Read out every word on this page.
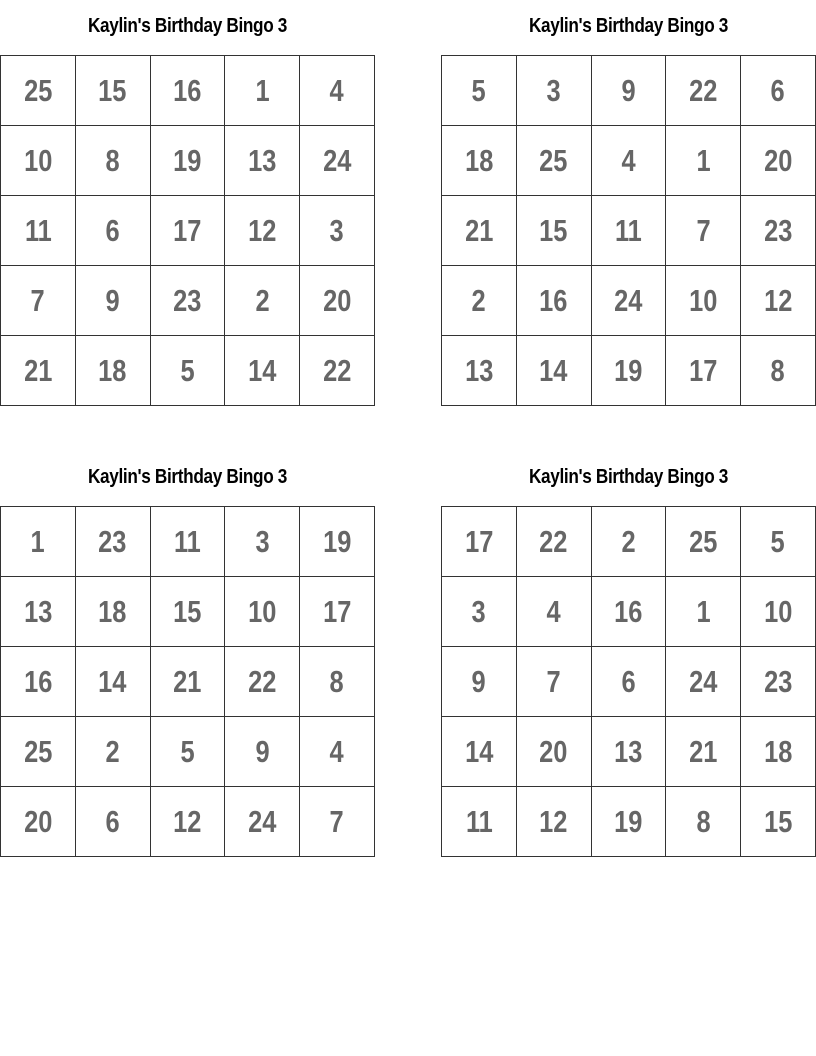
Kaylin's Birthday Bingo 3
25	15	16	1	4
10	8	19	13	24
11	6	17	12	3
7	9	23	2	20
21	18	5	14	22
Kaylin's Birthday Bingo 3
5	3	9	22	6
18	25	4	1	20
21	15	11	7	23
2	16	24	10	12
13	14	19	17	8
Kaylin's Birthday Bingo 3
1	23	11	3	19
13	18	15	10	17
16	14	21	22	8
25	2	5	9	4
20	6	12	24	7
Kaylin's Birthday Bingo 3
17	22	2	25	5
3	4	16	1	10
9	7	6	24	23
14	20	13	21	18
11	12	19	8	15
